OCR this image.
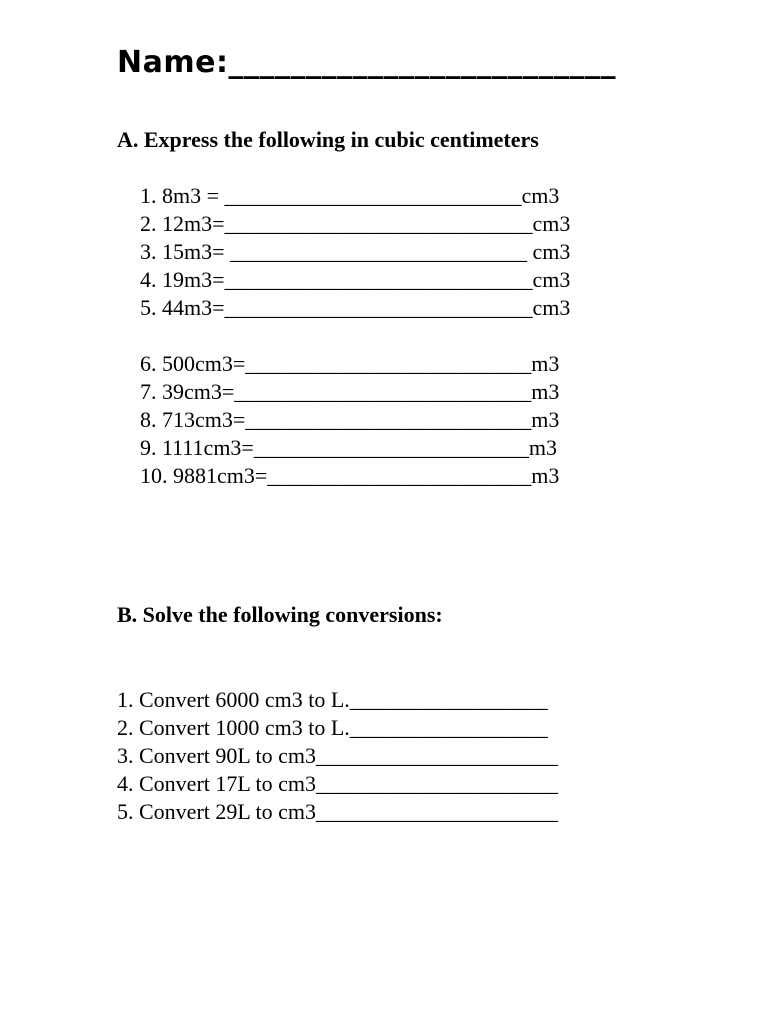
Name:_________________________
A. Express the following in cubic centimeters
1. 8m3 = ___________________________cm3
2. 12m3=____________________________cm3
3. 15m3= ___________________________ cm3
4. 19m3=____________________________cm3
5. 44m3=____________________________cm3
6. 500cm3=__________________________m3
7. 39cm3=___________________________m3
8. 713cm3=__________________________m3
9. 1111cm3=_________________________m3
10. 9881cm3=________________________m3
B. Solve the following conversions:
1. Convert 6000 cm3 to L.__________________
2. Convert 1000 cm3 to L.__________________
3. Convert 90L to cm3______________________
4. Convert 17L to cm3______________________
5. Convert 29L to cm3______________________
